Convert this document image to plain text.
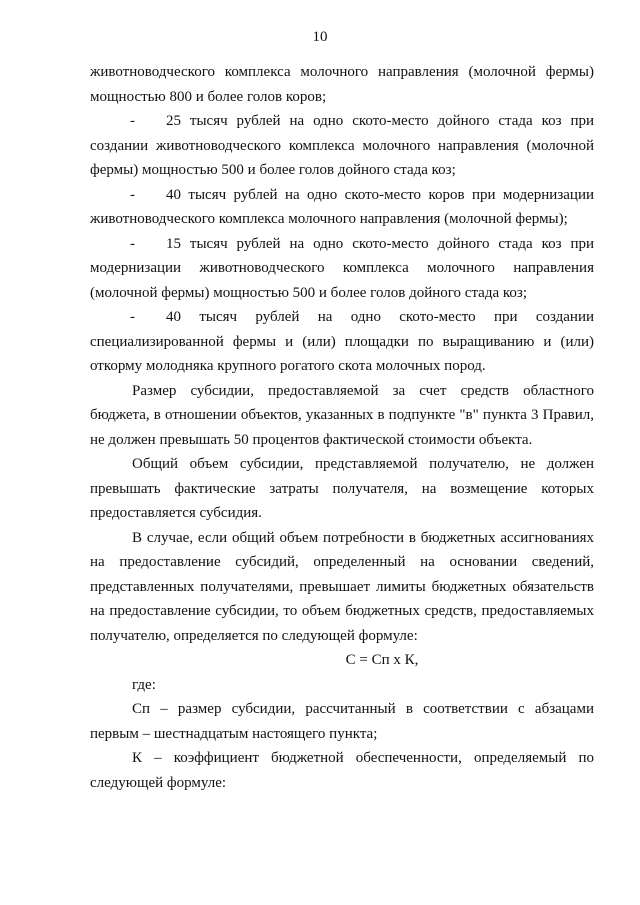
10

животноводческого комплекса молочного направления (молочной фермы) мощностью 800 и более голов коров;

- 25 тысяч рублей на одно ското-место дойного стада коз при создании животноводческого комплекса молочного направления (молочной фермы) мощностью 500 и более голов дойного стада коз;

- 40 тысяч рублей на одно ското-место коров при модернизации животноводческого комплекса молочного направления (молочной фермы);

- 15 тысяч рублей на одно ското-место дойного стада коз при модернизации животноводческого комплекса молочного направления (молочной фермы) мощностью 500 и более голов дойного стада коз;

- 40 тысяч рублей на одно ското-место при создании специализированной фермы и (или) площадки по выращиванию и (или) откорму молодняка крупного рогатого скота молочных пород.

Размер субсидии, предоставляемой за счет средств областного бюджета, в отношении объектов, указанных в подпункте "в" пункта 3 Правил, не должен превышать 50 процентов фактической стоимости объекта.

Общий объем субсидии, представляемой получателю, не должен превышать фактические затраты получателя, на возмещение которых предоставляется субсидия.

В случае, если общий объем потребности в бюджетных ассигнованиях на предоставление субсидий, определенный на основании сведений, представленных получателями, превышает лимиты бюджетных обязательств на предоставление субсидии, то объем бюджетных средств, предоставляемых получателю, определяется по следующей формуле:

С = Сп х К,

где:

Сп – размер субсидии, рассчитанный в соответствии с абзацами первым – шестнадцатым настоящего пункта;

К – коэффициент бюджетной обеспеченности, определяемый по следующей формуле:
